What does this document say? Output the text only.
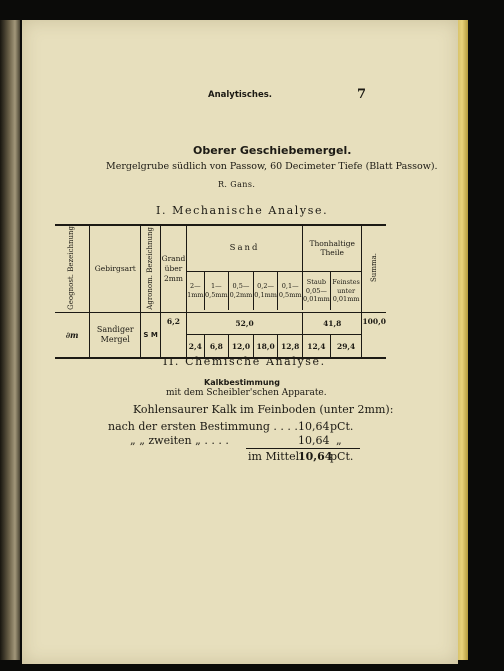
Analytisches.	7
Oberer Geschiebemergel.
Mergelgrube südlich von Passow, 60 Decimeter Tiefe (Blatt Passow).
R. Gans.
I. Mechanische Analyse.
Geognost. Bezeichnung	Gebirgsart	Agronom. Bezeichnung	Grand über 2mm	Sand					Thonhaltige Theile		Summa.
				2— 1mm	1— 0,5mm	0,5— 0,2mm	0,2— 0,1mm	0,1— 0,5mm	Staub 0,05— 0,01mm	Feinstes unter 0,01mm	

∂m	Sandiger Mergel	S M	6,2	52,0					41,8		100,0
				2,4	6,8	12,0	18,0	12,8	12,4	29,4	
II. Chemische Analyse.
Kalkbestimmung
mit dem Scheibler'schen Apparate.
Kohlensaurer Kalk im Feinboden (unter 2mm):
nach der ersten Bestimmung . . . . 10,64 pCt.
„ „ zweiten „ . . . .	10,64 „
im Mittel
10,64
pCt.
